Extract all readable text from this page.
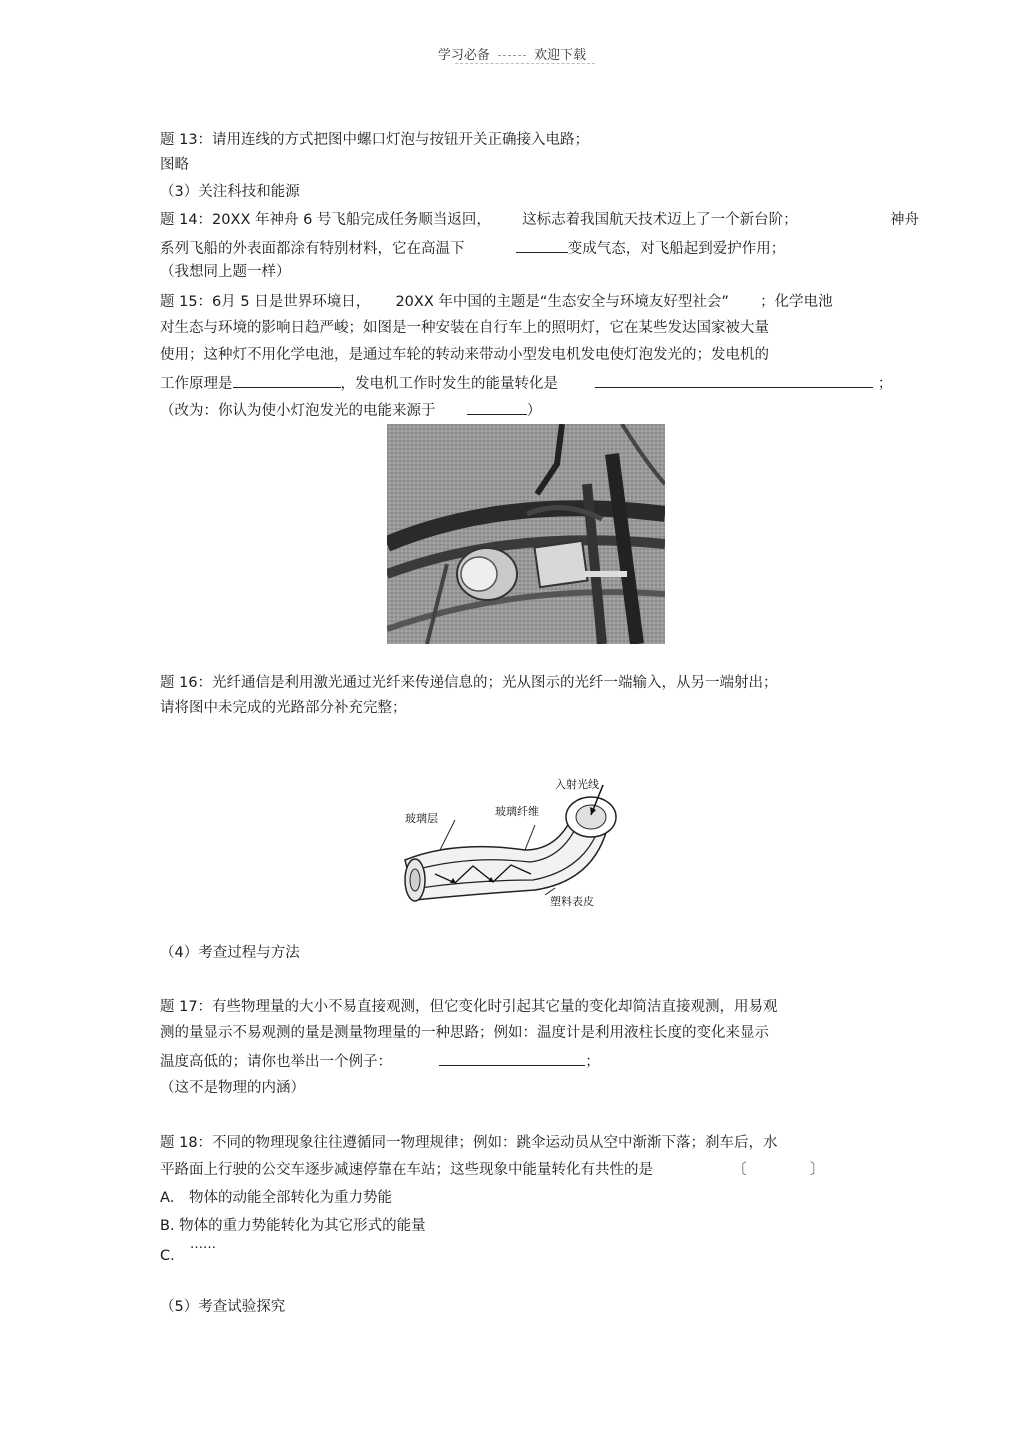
学习必备	欢迎下载
题 13：请用连线的方式把图中螺口灯泡与按钮开关正确接入电路；
图略
（3）关注科技和能源
题 14：20XX 年神舟 6 号飞船完成任务顺当返回， 这标志着我国航天技术迈上了一个新台阶；	神舟
系列飞船的外表面都涂有特别材料，它在高温下	变成气态，对飞船起到爱护作用；
（我想同上题一样）
题 15：6月 5 日是世界环境日， 20XX 年中国的主题是“生态安全与环境友好型社会” ；化学电池
对生态与环境的影响日趋严峻；如图是一种安装在自行车上的照明灯，它在某些发达国家被大量
使用；这种灯不用化学电池，是通过车轮的转动来带动小型发电机发电使灯泡发光的；发电机的
工作原理是	，发电机工作时发生的能量转化是	；
（改为：你认为使小灯泡发光的电能来源于	）
题 16：光纤通信是利用激光通过光纤来传递信息的；光从图示的光纤一端输入，从另一端射出；
请将图中未完成的光路部分补充完整；
入射光线
玻璃纤维
玻璃层
塑料表皮
（4）考查过程与方法
题 17：有些物理量的大小不易直接观测，但它变化时引起其它量的变化却简洁直接观测，用易观
测的量显示不易观测的量是测量物理量的一种思路；例如：温度计是利用液柱长度的变化来显示
温度高低的；请你也举出一个例子：	；
（这不是物理的内涵）
题 18：不同的物理现象往往遵循同一物理规律；例如：跳伞运动员从空中渐渐下落；刹车后，水
平路面上行驶的公交车逐步减速停靠在车站；这些现象中能量转化有共性的是	〔	〕
A． 物体的动能全部转化为重力势能
B. 物体的重力势能转化为其它形式的能量
……
C.
（5）考查试验探究
